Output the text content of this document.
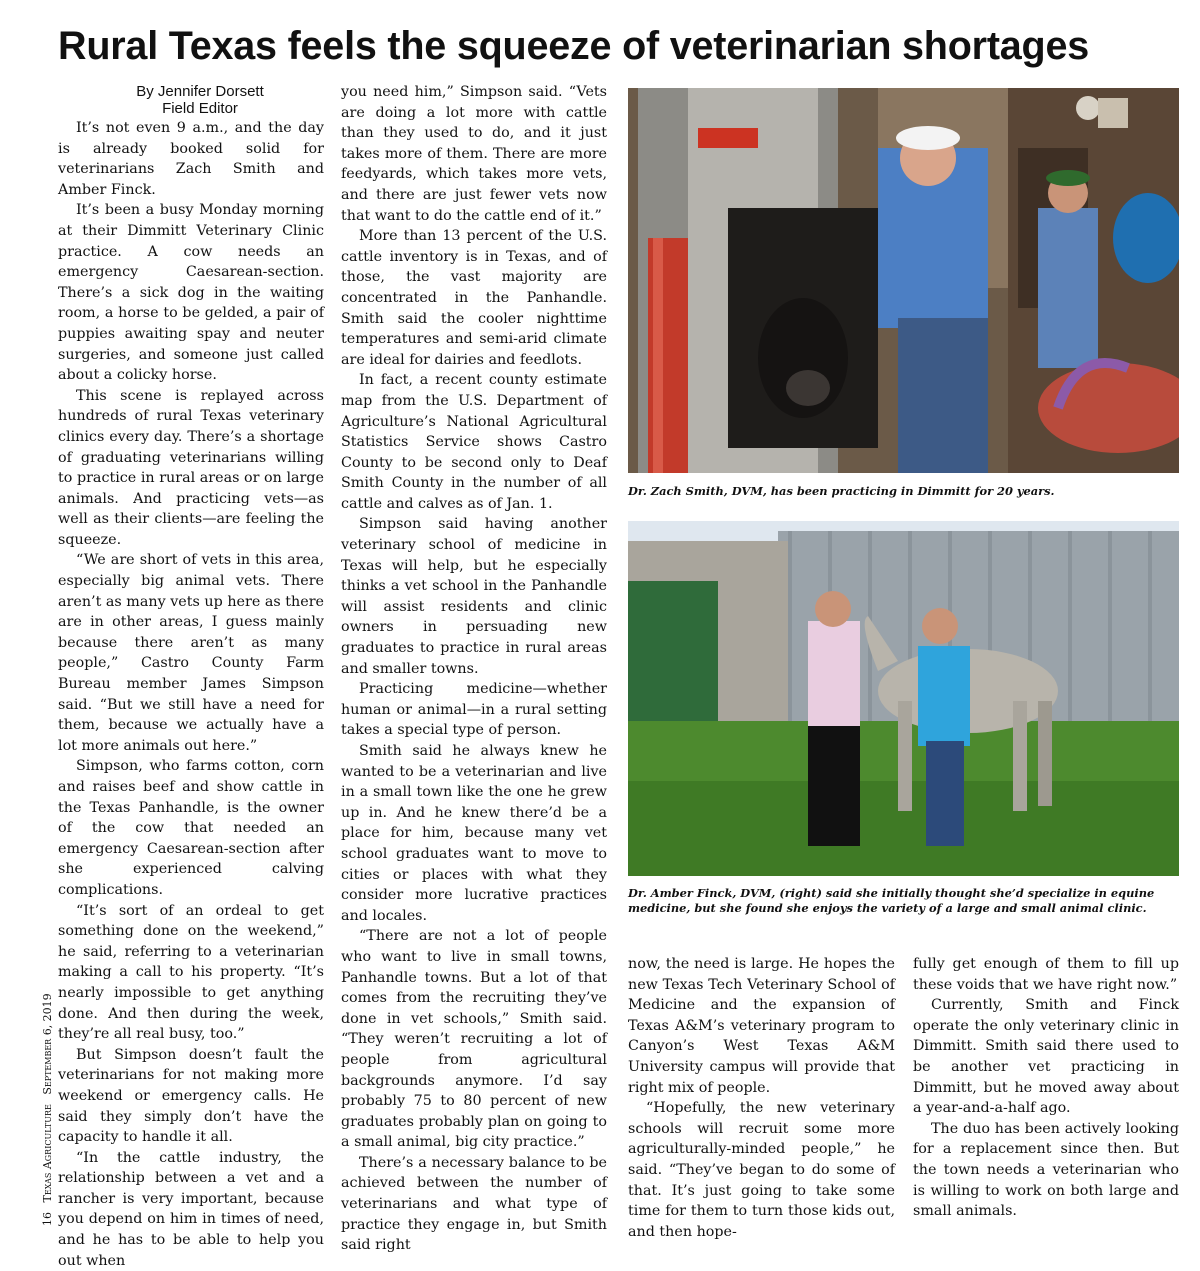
Rural Texas feels the squeeze of veterinarian shortages

By Jennifer Dorsett

Field Editor

It’s not even 9 a.m., and the day is already booked solid for veterinarians Zach Smith and Amber Finck.

It’s been a busy Monday morning at their Dimmitt Veterinary Clinic practice. A cow needs an emergency Caesarean-section. There’s a sick dog in the waiting room, a horse to be gelded, a pair of puppies awaiting spay and neuter surgeries, and someone just called about a colicky horse.

This scene is replayed across hundreds of rural Texas veterinary clinics every day. There’s a shortage of graduating veterinarians willing to practice in rural areas or on large animals. And practicing vets—as well as their clients—are feeling the squeeze.

“We are short of vets in this area, especially big animal vets. There aren’t as many vets up here as there are in other areas, I guess mainly because there aren’t as many people,” Castro County Farm Bureau member James Simpson said. “But we still have a need for them, because we actually have a lot more animals out here.”

Simpson, who farms cotton, corn and raises beef and show cattle in the Texas Panhandle, is the owner of the cow that needed an emergency Caesarean-section after she experienced calving complications.

“It’s sort of an ordeal to get something done on the weekend,” he said, referring to a veterinarian making a call to his property. “It’s nearly impossible to get anything done. And then during the week, they’re all real busy, too.”

But Simpson doesn’t fault the veterinarians for not making more weekend or emergency calls. He said they simply don’t have the capacity to handle it all.

“In the cattle industry, the relationship between a vet and a rancher is very important, because you depend on him in times of need, and he has to be able to help you out when

you need him,” Simpson said. “Vets are doing a lot more with cattle than they used to do, and it just takes more of them. There are more feedyards, which takes more vets, and there are just fewer vets now that want to do the cattle end of it.”

More than 13 percent of the U.S. cattle inventory is in Texas, and of those, the vast majority are concentrated in the Panhandle. Smith said the cooler nighttime temperatures and semi-arid climate are ideal for dairies and feedlots.

In fact, a recent county estimate map from the U.S. Department of Agriculture’s National Agricultural Statistics Service shows Castro County to be second only to Deaf Smith County in the number of all cattle and calves as of Jan. 1.

Simpson said having another veterinary school of medicine in Texas will help, but he especially thinks a vet school in the Panhandle will assist residents and clinic owners in persuading new graduates to practice in rural areas and smaller towns.

Practicing medicine—whether human or animal—in a rural setting takes a special type of person.

Smith said he always knew he wanted to be a veterinarian and live in a small town like the one he grew up in. And he knew there’d be a place for him, because many vet school graduates want to move to cities or places with what they consider more lucrative practices and locales.

“There are not a lot of people who want to live in small towns, Panhandle towns. But a lot of that comes from the recruiting they’ve done in vet schools,” Smith said. “They weren’t recruiting a lot of people from agricultural backgrounds anymore. I’d say probably 75 to 80 percent of new graduates probably plan on going to a small animal, big city practice.”

There’s a necessary balance to be achieved between the number of veterinarians and what type of practice they engage in, but Smith said right

Dr. Zach Smith, DVM, has been practicing in Dimmitt for 20 years.

Dr. Amber Finck, DVM, (right) said she initially thought she’d specialize in equine medicine, but she found she enjoys the variety of a large and small animal clinic.

now, the need is large. He hopes the new Texas Tech Veterinary School of Medicine and the expansion of Texas A&M’s veterinary program to Canyon’s West Texas A&M University campus will provide that right mix of people.

“Hopefully, the new veterinary schools will recruit some more agriculturally-minded people,” he said. “They’ve began to do some of that. It’s just going to take some time for them to turn those kids out, and then hope-

fully get enough of them to fill up these voids that we have right now.”

Currently, Smith and Finck operate the only veterinary clinic in Dimmitt. Smith said there used to be another vet practicing in Dimmitt, but he moved away about a year-and-a-half ago.

The duo has been actively looking for a replacement since then. But the town needs a veterinarian who is willing to work on both large and small animals.

16 Texas Agriculture September 6, 2019
